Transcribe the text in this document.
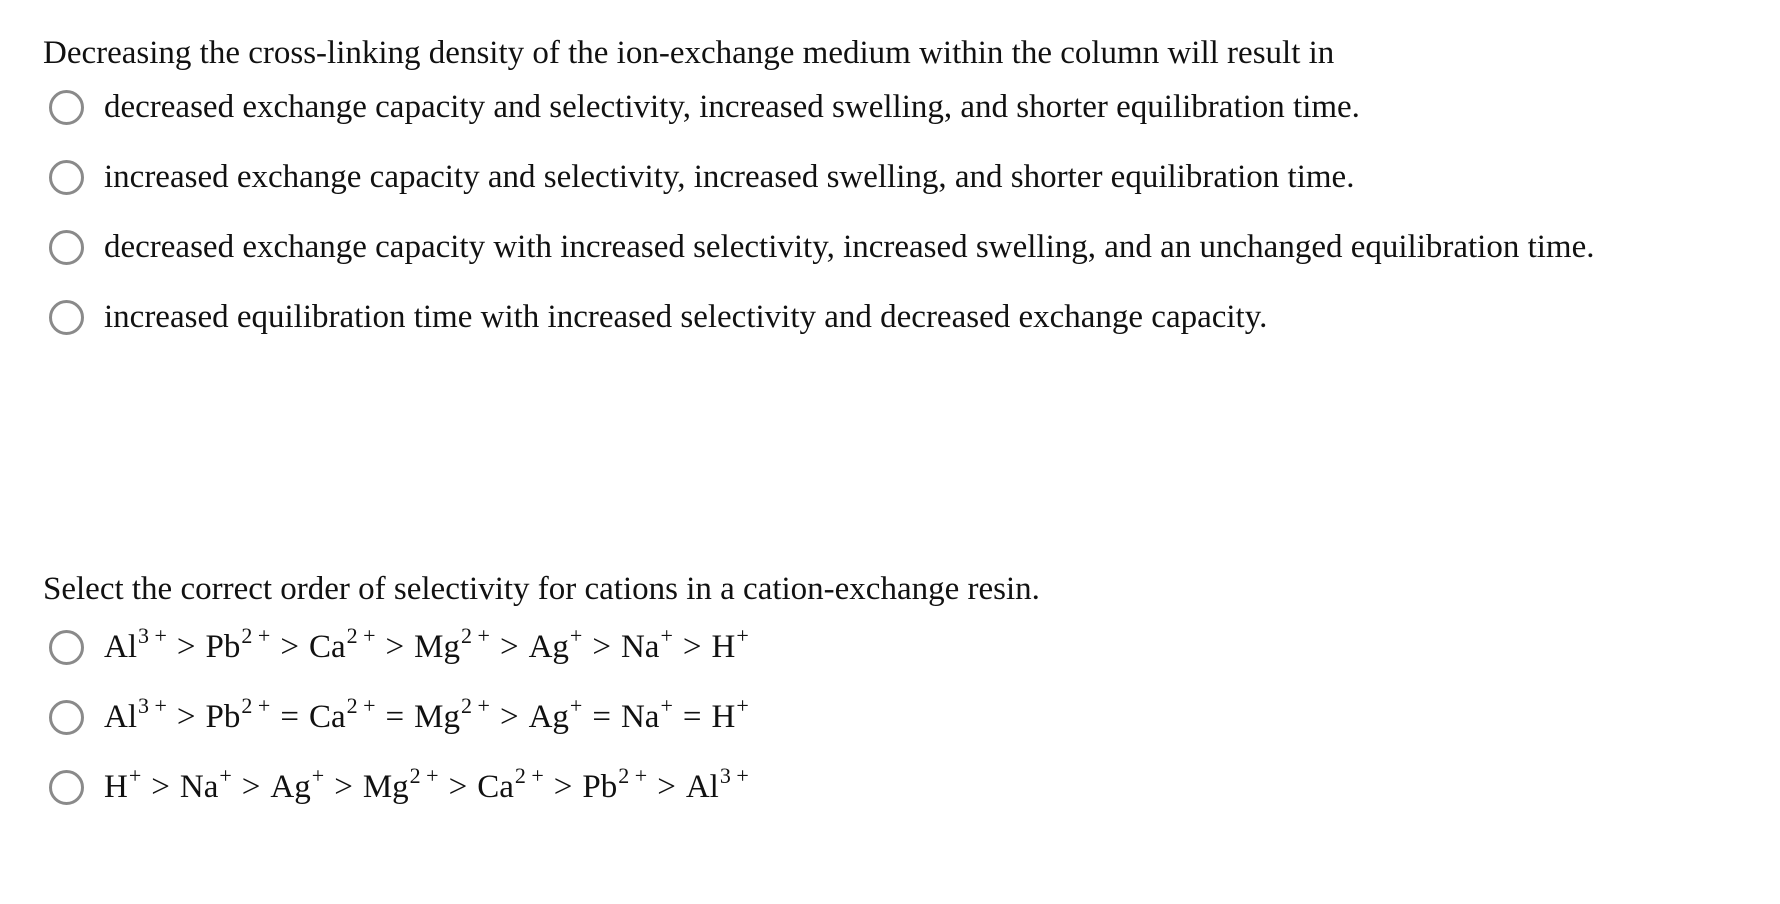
Decreasing the cross-linking density of the ion-exchange medium within the column will result in

decreased exchange capacity and selectivity, increased swelling, and shorter equilibration time.
increased exchange capacity and selectivity, increased swelling, and shorter equilibration time.
decreased exchange capacity with increased selectivity, increased swelling, and an unchanged equilibration time.
increased equilibration time with increased selectivity and decreased exchange capacity.

Select the correct order of selectivity for cations in a cation-exchange resin.

$Al^{3 +} > Pb^{2 +} > Ca^{2 +} > Mg^{2 +} > Ag^+ > Na^+ > H^+$
$Al^{3 +} > Pb^{2 +} = Ca^{2 +} = Mg^{2 +} > Ag^+ = Na^+ = H^+$
$H^+ > Na^+ > Ag^+ > Mg^{2 +} > Ca^{2 +} > Pb^{2 +} > Al^{3 +}$
